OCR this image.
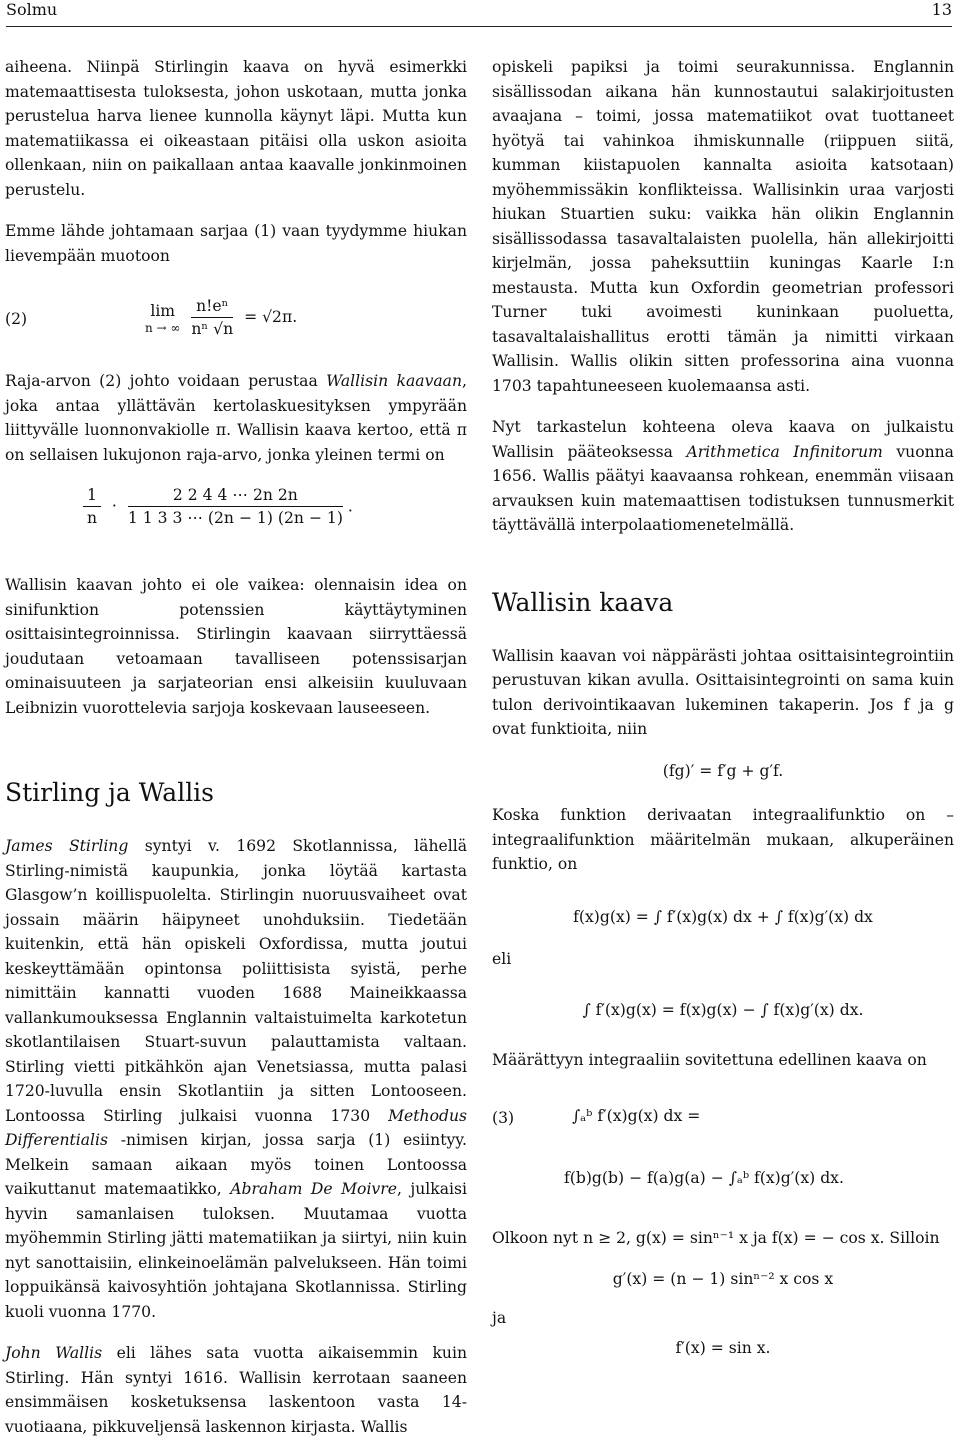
Solmu	13

aiheena. Niinpä Stirlingin kaava on hyvä esimerkki matemaattisesta tuloksesta, johon uskotaan, mutta jonka perustelua harva lienee kunnolla käynyt läpi. Mutta kun matematiikassa ei oikeastaan pitäisi olla uskon asioita ollenkaan, niin on paikallaan antaa kaavalle jonkinmoinen perustelu.

Emme lähde johtamaan sarjaa (1) vaan tyydymme hiukan lievempään muotoon

(2)	lim
n → ∞
$\frac{\text{n!eⁿ}}{\text{nⁿ √n}} = √2\pi$.

Raja-arvon (2) johto voidaan perustaa Wallisin kaavaan, joka antaa yllättävän kertolaskuesityksen ympyrään liittyvälle luonnonvakiolle π. Wallisin kaava kertoo, että π on sellaisen lukujonon raja-arvo, jonka yleinen termi on

$\frac{1}{n} \cdot \frac{2 2 4 4 \cdots 2n 2n}{1 1 3 3 \cdots (2n - 1) (2n - 1)}$ .

Wallisin kaavan johto ei ole vaikea: olennaisin idea on sinifunktion potenssien käyttäytyminen osittaisintegroinnissa. Stirlingin kaavaan siirryttäessä joudutaan vetoamaan tavalliseen potenssisarjan ominaisuuteen ja sarjateorian ensi alkeisiin kuuluvaan Leibnizin vuorottelevia sarjoja koskevaan lauseeseen.

Stirling ja Wallis

James Stirling syntyi v. 1692 Skotlannissa, lähellä Stirling-nimistä kaupunkia, jonka löytää kartasta Glasgow’n koillispuolelta. Stirlingin nuoruusvaiheet ovat jossain määrin häipyneet unohduksiin. Tiedetään kuitenkin, että hän opiskeli Oxfordissa, mutta joutui keskeyttämään opintonsa poliittisista syistä, perhe nimittäin kannatti vuoden 1688 Maineikkaassa vallankumouksessa Englannin valtaistuimelta karkotetun skotlantilaisen Stuart-suvun palauttamista valtaan. Stirling vietti pitkähkön ajan Venetsiassa, mutta palasi 1720-luvulla ensin Skotlantiin ja sitten Lontooseen. Lontoossa Stirling julkaisi vuonna 1730 Methodus Differentialis -nimisen kirjan, jossa sarja (1) esiintyy. Melkein samaan aikaan myös toinen Lontoossa vaikuttanut matemaatikko, Abraham De Moivre, julkaisi hyvin samanlaisen tuloksen. Muutamaa vuotta myöhemmin Stirling jätti matematiikan ja siirtyi, niin kuin nyt sanottaisiin, elinkeinoelämän palvelukseen. Hän toimi loppuikänsä kaivosyhtiön johtajana Skotlannissa. Stirling kuoli vuonna 1770.

John Wallis eli lähes sata vuotta aikaisemmin kuin Stirling. Hän syntyi 1616. Wallisin kerrotaan saaneen ensimmäisen kosketuksensa laskentoon vasta 14-vuotiaana, pikkuveljensä laskennon kirjasta. Wallis

opiskeli papiksi ja toimi seurakunnissa. Englannin sisällissodan aikana hän kunnostautui salakirjoitusten avaajana – toimi, jossa matematiikot ovat tuottaneet hyötyä tai vahinkoa ihmiskunnalle (riippuen siitä, kumman kiistapuolen kannalta asioita katsotaan) myöhemmissäkin konflikteissa. Wallisinkin uraa varjosti hiukan Stuartien suku: vaikka hän olikin Englannin sisällissodassa tasavaltalaisten puolella, hän allekirjoitti kirjelmän, jossa paheksuttiin kuningas Kaarle I:n mestausta. Mutta kun Oxfordin geometrian professori Turner tuki avoimesti kuninkaan puoluetta, tasavaltalaishallitus erotti tämän ja nimitti virkaan Wallisin. Wallis olikin sitten professorina aina vuonna 1703 tapahtuneeseen kuolemaansa asti.

Nyt tarkastelun kohteena oleva kaava on julkaistu Wallisin pääteoksessa Arithmetica Infinitorum vuonna 1656. Wallis päätyi kaavaansa rohkean, enemmän viisaan arvauksen kuin matemaattisen todistuksen tunnusmerkit täyttävällä interpolaatiomenetelmällä.

Wallisin kaava

Wallisin kaavan voi näppärästi johtaa osittaisintegrointiin perustuvan kikan avulla. Osittaisintegrointi on sama kuin tulon derivointikaavan lukeminen takaperin. Jos f ja g ovat funktioita, niin

(fg)′ = f′g + g′f.

Koska funktion derivaatan integraalifunktio on – integraalifunktion määritelmän mukaan, alkuperäinen funktio, on

f(x)g(x) = ∫ f′(x)g(x) dx + ∫ f(x)g′(x) dx
eli
∫ f′(x)g(x) = f(x)g(x) − ∫ f(x)g′(x) dx.

Määrättyyn integraaliin sovitettuna edellinen kaava on

(3)	∫ₐᵇ f′(x)g(x) dx =
f(b)g(b) − f(a)g(a) − ∫ₐᵇ f(x)g′(x) dx.

Olkoon nyt n ≥ 2, g(x) = sinⁿ⁻¹ x ja f(x) = − cos x. Silloin

g′(x) = (n − 1) sinⁿ⁻² x cos x
ja
f′(x) = sin x.
